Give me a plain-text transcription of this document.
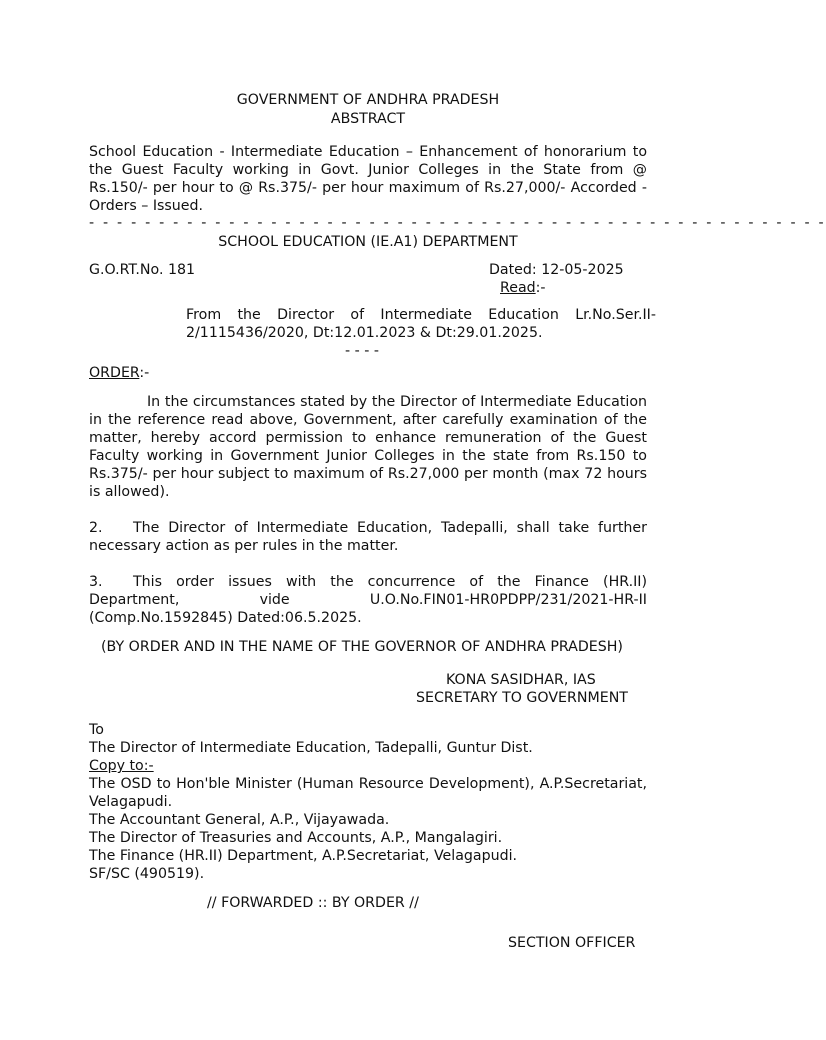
GOVERNMENT OF ANDHRA PRADESH
ABSTRACT

School Education - Intermediate Education – Enhancement of honorarium to the Guest Faculty working in Govt. Junior Colleges in the State from @ Rs.150/- per hour to @ Rs.375/- per hour maximum of Rs.27,000/- Accorded - Orders – Issued.

- - - - - - - - - - - - - - - - - - - - - - - - - - - - - - - - - - - - - - - - - - - - - - - - - - - - -
SCHOOL EDUCATION (IE.A1) DEPARTMENT
G.O.RT.No. 181	Dated: 12-05-2025
Read:-
From the Director of Intermediate Education Lr.No.Ser.II-
2/1115436/2020, Dt:12.01.2023 & Dt:29.01.2025.
- - - -
ORDER:-

In the circumstances stated by the Director of Intermediate Education in the reference read above, Government, after carefully examination of the matter, hereby accord permission to enhance remuneration of the Guest Faculty working in Government Junior Colleges in the state from Rs.150 to Rs.375/- per hour subject to maximum of Rs.27,000 per month (max 72 hours is allowed).

2. The Director of Intermediate Education, Tadepalli, shall take further necessary action as per rules in the matter.

3. This order issues with the concurrence of the Finance (HR.II)
Department,	vide	U.O.No.FIN01-HR0PDPP/231/2021-HR-II
(Comp.No.1592845) Dated:06.5.2025.
(BY ORDER AND IN THE NAME OF THE GOVERNOR OF ANDHRA PRADESH)
KONA SASIDHAR, IAS
SECRETARY TO GOVERNMENT
To
The Director of Intermediate Education, Tadepalli, Guntur Dist.
Copy to:-

The OSD to Hon'ble Minister (Human Resource Development), A.P.Secretariat, Velagapudi.

The Accountant General, A.P., Vijayawada.
The Director of Treasuries and Accounts, A.P., Mangalagiri.
The Finance (HR.II) Department, A.P.Secretariat, Velagapudi.
SF/SC (490519).
// FORWARDED :: BY ORDER //
SECTION OFFICER
